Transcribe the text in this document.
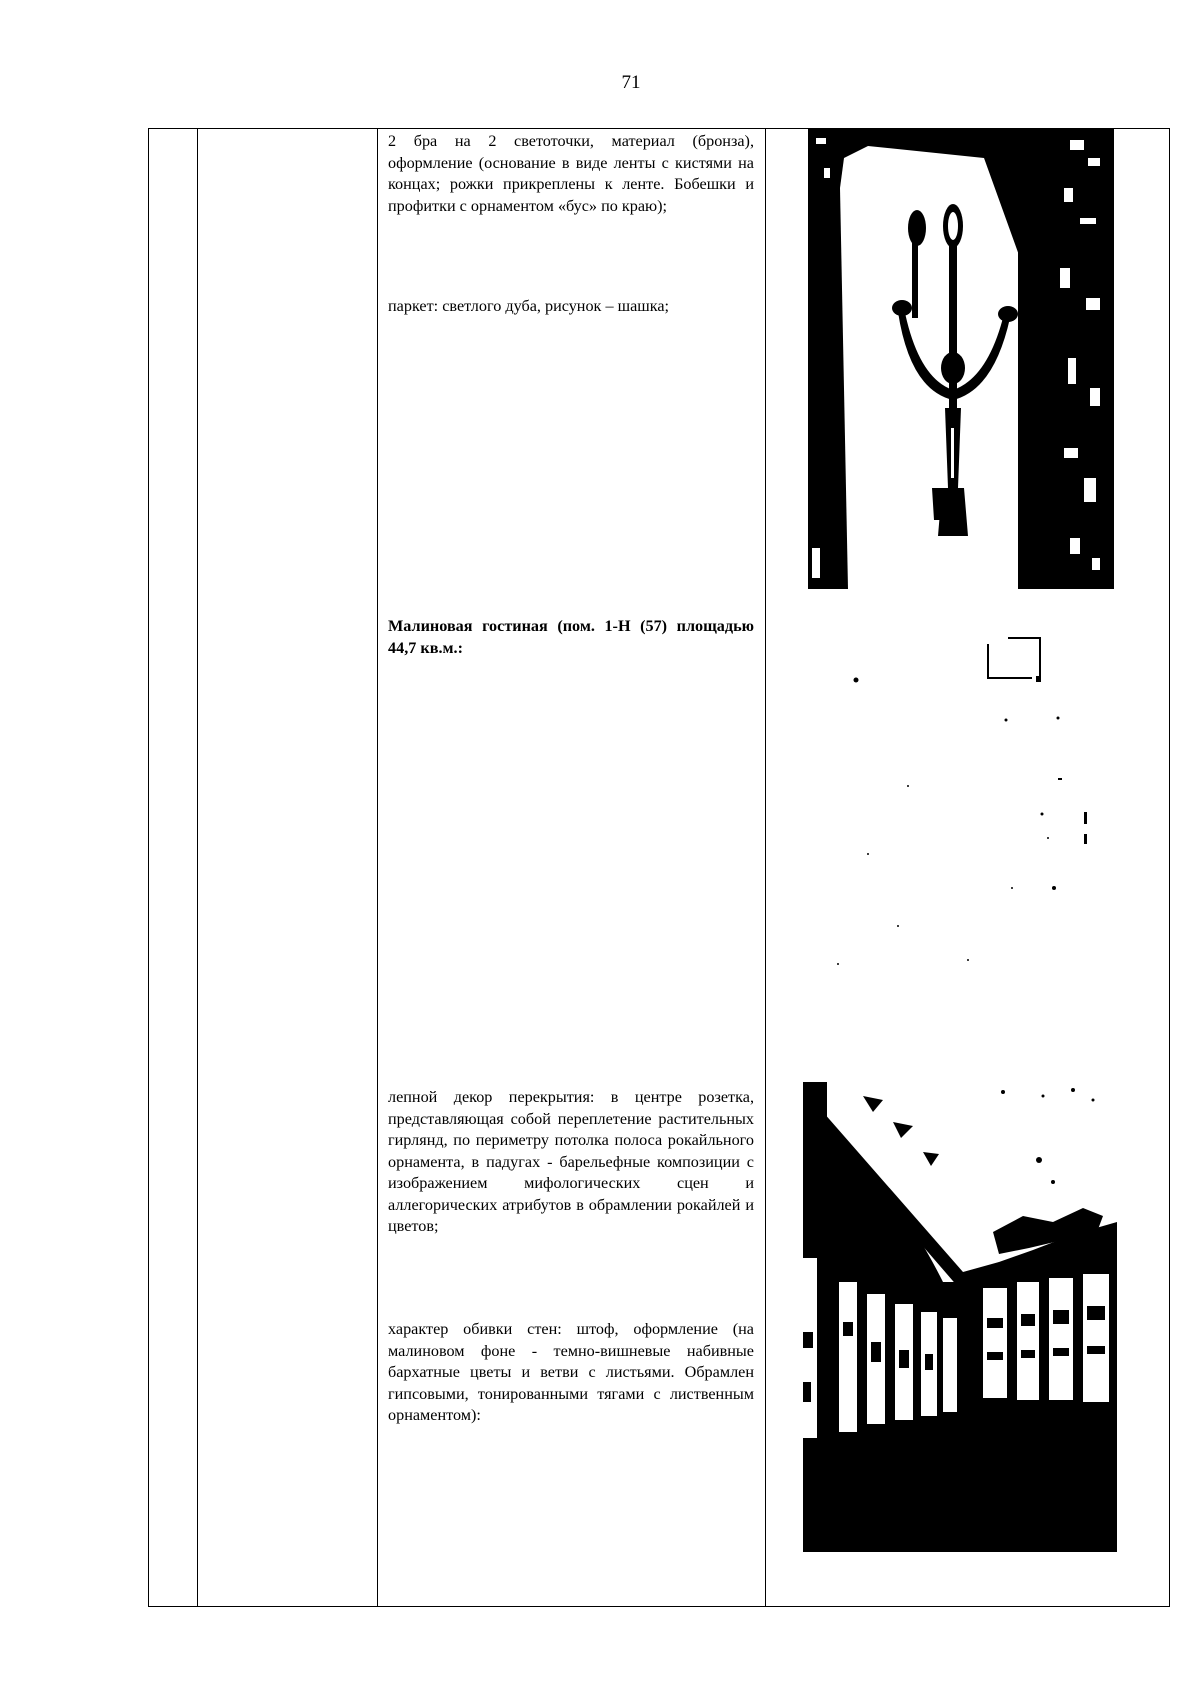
71
2 бра на 2 светоточки, материал (бронза), оформление (основание в виде ленты с кистями на концах; рожки прикреплены к ленте. Бобешки и профитки с орнаментом «бус» по краю);
паркет: светлого дуба, рисунок – шашка;
Малиновая гостиная (пом. 1-Н (57) площадью 44,7 кв.м.:
лепной декор перекрытия: в центре розетка, представляющая собой переплетение растительных гирлянд, по периметру потолка полоса рокайльного орнамента, в падугах - барельефные композиции с изображением мифологических сцен и аллегорических атрибутов в обрамлении рокайлей и цветов;
характер обивки стен: штоф, оформление (на малиновом фоне - темно-вишневые набивные бархатные цветы и ветви с листьями. Обрамлен гипсовыми, тонированными тягами с лиственным орнаментом):
